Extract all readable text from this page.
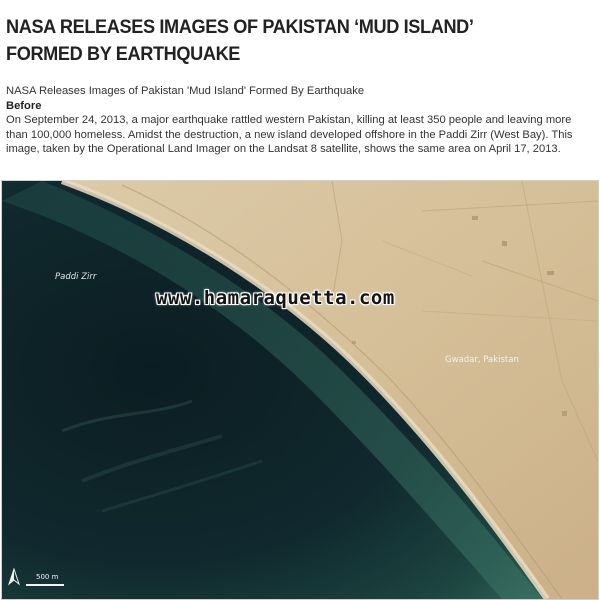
NASA RELEASES IMAGES OF PAKISTAN ‘MUD ISLAND’ FORMED BY EARTHQUAKE
NASA Releases Images of Pakistan 'Mud Island' Formed By Earthquake
Before
On September 24, 2013, a major earthquake rattled western Pakistan, killing at least 350 people and leaving more than 100,000 homeless. Amidst the destruction, a new island developed offshore in the Paddi Zirr (West Bay). This image, taken by the Operational Land Imager on the Landsat 8 satellite, shows the same area on April 17, 2013.
Paddi Zirr
Gwadar, Pakistan
www.hamaraquetta.com
500 m
